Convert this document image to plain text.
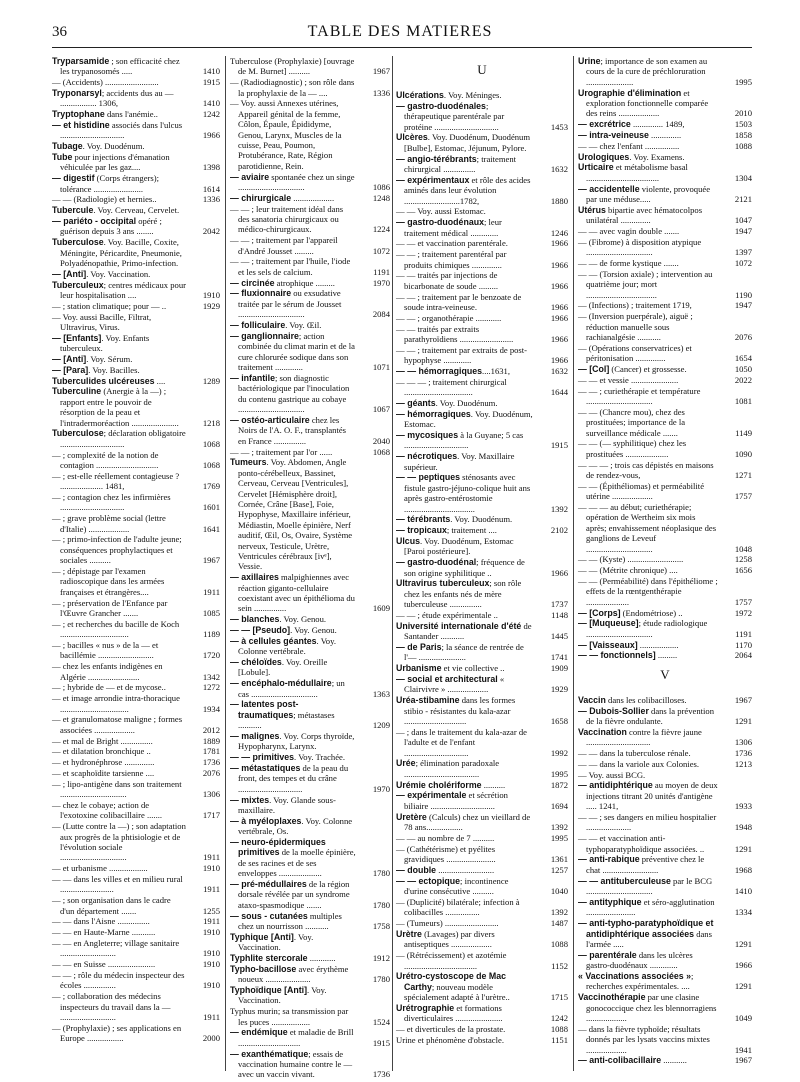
36	TABLE DES MATIERES
Tryparsamide ; son efficacité chez les trypanosomés .....	1410
— (Accidents) .........................	1915
Tryponarsyl; accidents dus au — ................. 1306,	1410
Tryptophane dans l'anémie..	1242
— et histidine associés dans l'ulcus ..............................	1966
Tubage. Voy. Duodénum.
Tube pour injections d'émanation véhiculée par les gaz....	1398
— digestif (Corps étrangers); tolérance .......................	1614
— — (Radiologie) et hernies..	1336
Tubercule. Voy. Cerveau, Cervelet.
— pariéto - occipital opéré ; guérison depuis 3 ans ........	2042
Tuberculose. Voy. Bacille, Coxite, Méningite, Péricardite, Pneumonie, Polyadénopathie, Primo-infection.
— [Anti]. Voy. Vaccination.
Tuberculeux; centres médicaux pour leur hospitalisation ....	1910
— ; station climatique; pour — ..	1929
— Voy. aussi Bacille, Filtrat, Ultravirus, Virus.
— [Enfants]. Voy. Enfants tuberculeux.
— [Anti]. Voy. Sérum.
— [Para]. Voy. Bacilles.
Tuberculides ulcéreuses ....	1289
Tuberculine (Anergie à la —) ; rapport entre le pouvoir de résorption de la peau et l'intradermoréaction ......................	1218
Tuberculose; déclaration obligatoire ..............................	1068
— ; complexité de la notion de contagion .............................	1068
— ; est-elle réellement contagieuse ? .................... 1481,	1769
— ; contagion chez les infirmières ..............................	1601
— ; grave problème social (lettre d'Italie) ...................	1641
— ; primo-infection de l'adulte jeune; conséquences prophylactiques et sociales ..........	1967
— ; dépistage par l'examen radioscopique dans les armées françaises et étrangères....	1911
— ; préservation de l'Enfance par l'Œuvre Grancher .......	1085
— ; et recherches du bacille de Koch ................................	1189
— ; bacilles « nus » de la — et bacillémie ..........................	1720
— chez les enfants indigènes en Algérie ........................	1342
— ; hybride de — et de mycose..	1272
— et image arrondie intra-thoracique ................................	1934
— et granulomatose maligne ; formes associées ...................	2012
— et mal de Bright ...............	1889
— et dilatation bronchique ..	1781
— et hydronéphrose ..............	1736
— et scaphoïdite tarsienne ....	2076
— ; lipo-antigène dans son traitement ...............................	1306
— chez le cobaye; action de l'exotoxine colibacillaire .......	1717
— (Lutte contre la —) ; son adaptation aux progrès de la phtisiologie et de l'évolution sociale ...............................	1911
— et urbanisme ..................	1910
— — dans les villes et en milieu rural .........................	1911
— ; son organisation dans le cadre d'un département .......	1255
— — dans l'Aisne ...............	1911
— — en Haute-Marne ...........	1910
— — en Angleterre; village sanitaire ..........................	1910
— — en Suisse ......................	1910
— — ; rôle du médecin inspecteur des écoles ...............	1910
— ; collaboration des médecins inspecteurs du travail dans la — ..........................	1911
— (Prophylaxie) ; ses applications en Europe .................	2000
Tuberculose (Prophylaxie) [ouvrage de M. Burnet] ..........	1967
— (Radiodiagnostic) ; son rôle dans la prophylaxie de la — ....	1336
— Voy. aussi Annexes utérines, Appareil génital de la femme, Côlon, Épaule, Épididyme, Genou, Larynx, Muscles de la cuisse, Peau, Poumon, Protubérance, Rate, Région parotidienne, Rein.
— aviaire spontanée chez un singe ...............................	1086
— chirurgicale ...................	1248
— — ; leur traitement idéal dans des sanatoria chirurgicaux ou médico-chirurgicaux.	1224
— — ; traitement par l'appareil d'André Jousset .........	1072
— — ; traitement par l'huile, l'iode et les sels de calcium.	1191
— circinée atrophique .........	1970
— fluxionnaire ou exsudative traitée par le sérum de Jousset ...............................	2084
— folliculaire. Voy. Œil.
— ganglionnaire; action combinée du climat marin et de la cure chlorurée sodique dans son traitement .............	1071
— infantile; son diagnostic bactériologique par l'inoculation du contenu gastrique au cobaye ...............................	1067
— ostéo-articulaire chez les Noirs de l'A. O. F., transplantés en France ...............	2040
— — ; traitement par l'or ......	1068
Tumeurs. Voy. Abdomen, Angle ponto-cérébelleux, Bassinet, Cerveau, Cerveau [Ventricules], Cervelet [Hémisphère droit], Cornée, Crâne [Base], Foie, Hypophyse, Maxillaire inférieur, Médiastin, Moelle épinière, Nerf auditif, Œil, Os, Ovaire, Système nerveux, Testicule, Urètre, Ventricules cérébraux [ivᵉ], Vessie.
— axillaires malpighiennes avec réaction giganto-cellulaire coexistant avec un épithélioma du sein ...............	1609
— blanches. Voy. Genou.
— — [Pseudo]. Voy. Genou.
— à cellules géantes. Voy. Colonne vertébrale.
— chéloïdes. Voy. Oreille [Lobule].
— encéphalo-médullaire; un cas ...............................	1363
— latentes post-traumatiques; métastases ...........	1209
— malignes. Voy. Corps thyroïde, Hypopharynx, Larynx.
— — primitives. Voy. Trachée.
— métastatiques de la peau du front, des tempes et du crâne ..............................	1970
— mixtes. Voy. Glande sous-maxillaire.
— à myéloplaxes. Voy. Colonne vertébrale, Os.
— neuro-épidermiques primitives de la moelle épinière, de ses racines et de ses enveloppes ....................	1780
— pré-médullaires de la région dorsale révélée par un syndrome ataxo-spasmodique .......	1780
— sous - cutanées multiples chez un nourrisson ...........	1758
Typhique [Anti]. Voy. Vaccination.
Typhlite stercorale ............	1912
Typho-bacillose avec érythème noueux .....................	1780
Typhoïdique [Anti]. Voy. Vaccination.
Typhus murin; sa transmission par les puces ..................	1524
— endémique et maladie de Brill .............................	1915
— exanthématique; essais de vaccination humaine contre le — avec un vaccin vivant.	1736
U
Ulcérations. Voy. Méninges.
— gastro-duodénales; thérapeutique parentérale par protéine ..............................	1453
Ulcères. Voy. Duodénum, Duodénum [Bulbe], Estomac, Jéjunum, Pylore.
— angio-térébrants; traitement chirurgical ...............	1632
— expérimentaux et rôle des acides aminés dans leur évolution ..........................1782,	1880
— — Voy. aussi Estomac.
— gastro-duodénaux; leur traitement médical .............	1246
— — et vaccination parentérale.	1966
— — ; traitement parentéral par produits chimiques ..............	1966
— — traités par injections de bicarbonate de soude .........	1966
— — ; traitement par le benzoate de soude intra-veineuse.	1966
— — ; organothérapie ............	1966
— — traités par extraits parathyroïdiens .........................	1966
— — ; traitement par extraits de post-hypophyse .............	1966
— — hémorragiques....1631,	1632
— — — ; traitement chirurgical ................................	1644
— géants. Voy. Duodénum.
— hémorragiques. Voy. Duodénum, Estomac.
— mycosiques à la Guyane; 5 cas ..............................	1915
— nécrotiques. Voy. Maxillaire supérieur.
— — peptiques sténosants avec fistule gastro-jéjuno-colique huit ans après gastro-entérostomie .................................	1392
— térébrants. Voy. Duodénum.
— tropicaux; traitement ....	2102
Ulcus. Voy. Duodénum, Estomac [Paroi postérieure].
— gastro-duodénal; fréquence de son origine syphilitique ..	1966
Ultravirus tuberculeux; son rôle chez les enfants nés de mère tuberculeuse ...............	1737
— — ; étude expérimentale ..	1148
Université internationale d'été de Santander ...........	1445
— de Paris; la séance de rentrée de l'— ......................	1741
Urbanisme et vie collective ..	1909
— social et architectural « Clairvivre » ...................	1929
Uréa-stibamine dans les formes stibio - résistantes du kala-azar .............................	1658
— ; dans le traitement du kala-azar de l'adulte et de l'enfant ..............................	1992
Urée; élimination paradoxale ...................................	1995
Urémie cholériforme ..........	1872
— expérimentale et sécrétion biliaire ..............................	1694
Uretère (Calculs) chez un vieillard de 78 ans.................	1392
— — au nombre de 7 ..........	1995
— (Cathétérisme) et pyélites gravidiques .......................	1361
— double ..........................	1257
— — ectopique; incontinence d'urine consécutive ..........	1040
— (Duplicité) bilatérale; infection à colibacilles ................	1392
— (Tumeurs) .........................	1487
Urètre (Lavages) par divers antiseptiques ...................	1088
— (Rétrécissement) et azotémie ..................................	1152
Urétro-cystoscope de Mac Carthy; nouveau modèle spécialement adapté à l'urètre..	1715
Urétrographie et formations diverticulaires ......................	1242
— et diverticules de la prostate.	1088
Urine et phénomène d'obstacle.	1151
Urine; importance de son examen au cours de la cure de préchloruration ......................	1995
Urographie d'élimination et exploration fonctionnelle comparée des reins ...................	2010
— excrétrice .............. 1489,	1503
— intra-veineuse ..............	1858
— — chez l'enfant ................	1088
Urologiques. Voy. Examens.
Urticaire et métabolisme basal ..................................	1304
— accidentelle violente, provoquée par une méduse.....	2121
Utérus bipartie avec hématocolpos unilatéral ..............	1047
— — avec vagin double .......	1947
— (Fibrome) à disposition atypique ...............................	1397
— — de forme kystique .......	1072
— — (Torsion axiale) ; intervention au quatrième jour; mort .................................	1190
— (Infections) ; traitement 1719,	1947
— (Inversion puerpérale), aiguë ; réduction manuelle sous rachianalgésie ...........	2076
— (Opérations conservatrices) et péritonisation ..............	1654
— [Col] (Cancer) et grossesse.	1050
— — et vessie ......................	2022
— — ; curiethérapie et température ...............................	1081
— — (Chancre mou), chez des prostituées; importance de la surveillance médicale .......	1149
— — (— syphilitique) chez les prostituées ....................	1090
— — — ; trois cas dépistés en maisons de rendez-vous,	1271
— — (Épithéliomas) et perméabilité utérine ...................	1757
— — — au début; curiethérapie; opération de Wertheim six mois après; envahissement néoplasique des ganglions de Leveuf ...............................	1048
— — (Kyste) ..........................	1258
— — (Métrite chronique) ....	1656
— — (Perméabilité) dans l'épithéliome ; effets de la rœntgenthérapie ....................	1757
— [Corps] (Endométriose) ..	1972
— [Muqueuse]; étude radiologique ...............................	1191
— [Vaisseaux] ..................	1170
— — fonctionnels] .........	2064
V
Vaccin dans les colibacilloses.	1967
— Dubois-Sollier dans la prévention de la fièvre ondulante.	1291
Vaccination contre la fièvre jaune ..............................	1306
— — dans la tuberculose rénale.	1736
— — dans la variole aux Colonies.	1213
— Voy. aussi BCG.
— antidiphtérique au moyen de deux injections titrant 20 unités d'antigène ..... 1241,	1933
— — ; ses dangers en milieu hospitalier .....................	1948
— — et vaccination anti-typhoparatyphoïdique associées. ..	1291
— anti-rabique préventive chez le chat ..........................	1968
— — antituberculeuse par le BCG ...............................	1410
— antityphique et séro-agglutination .......................	1334
— anti-typho-paratyphoïdique et antidiphtérique associées dans l'armée .....	1291
— parentérale dans les ulcères gastro-duodénaux .............	1966
« Vaccinations associées »; recherches expérimentales. ....	1291
Vaccinothérapie par une clasine gonococcique chez les blennorragiens ...................	1049
— dans la fièvre typhoïde; résultats donnés par les lysats vaccins mixtes ...................	1941
— anti-colibacillaire ...........	1967
